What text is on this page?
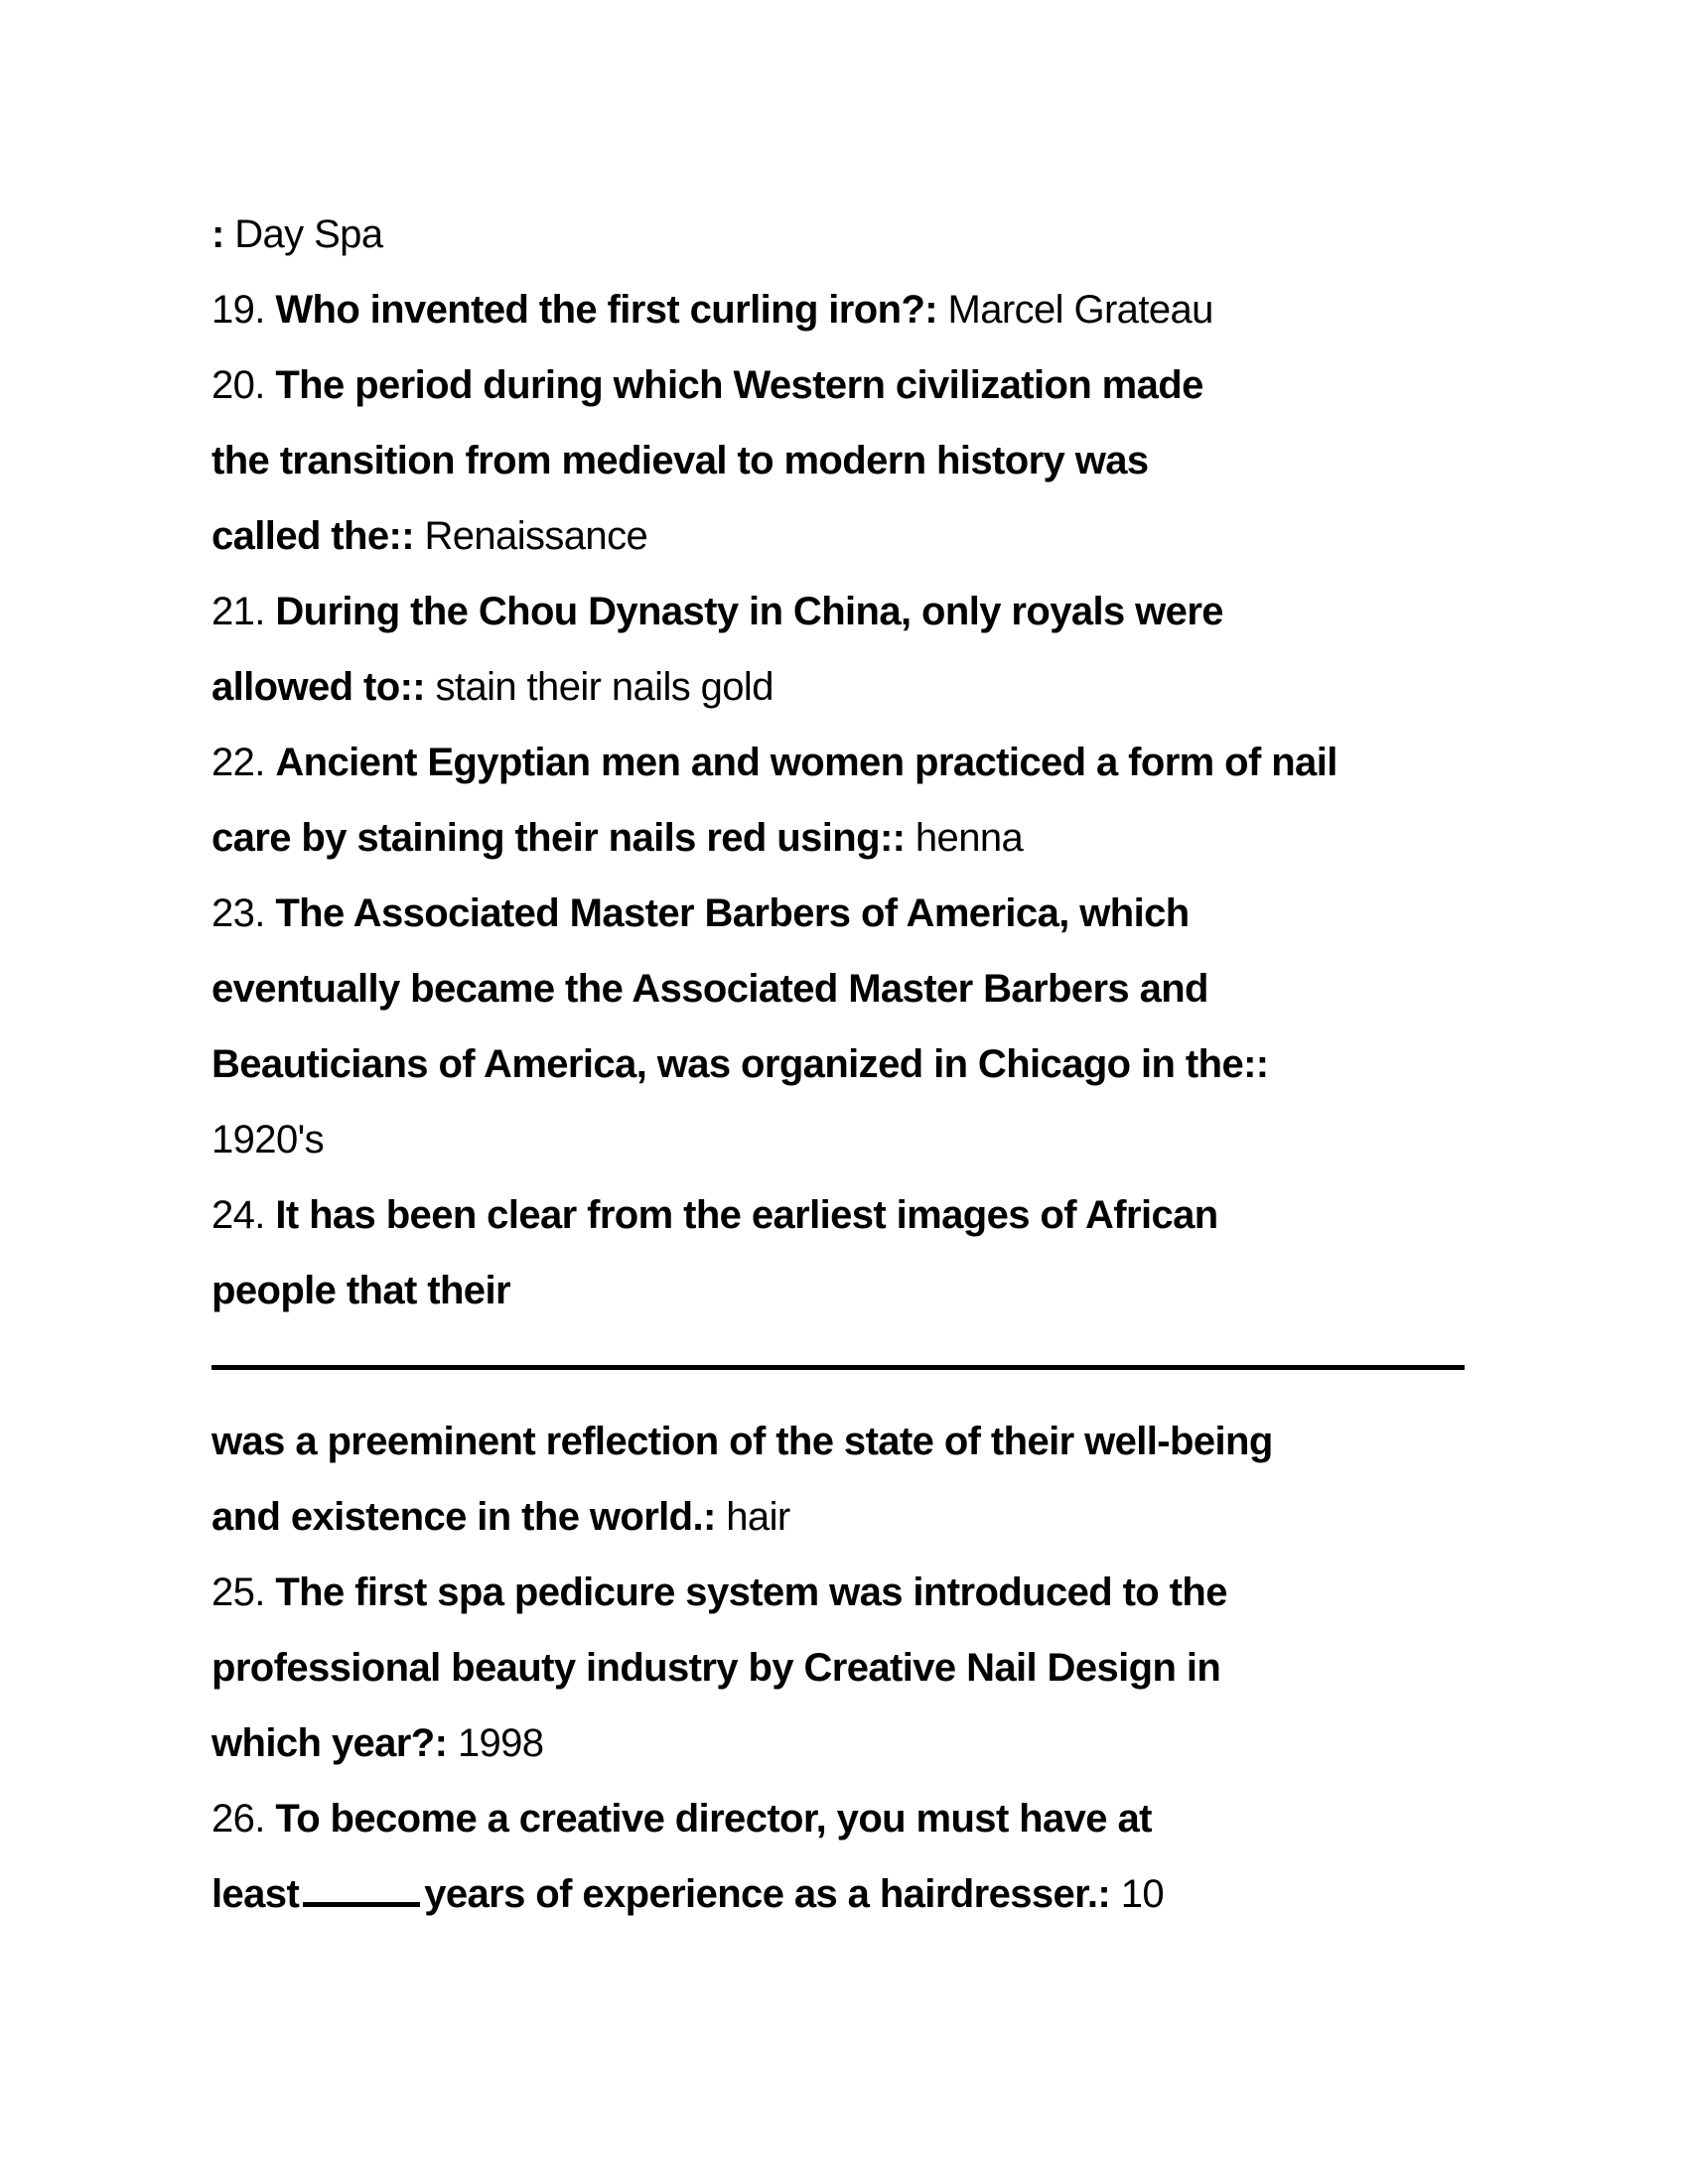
: Day Spa
19. Who invented the first curling iron?: Marcel Grateau
20. The period during which Western civilization made
the transition from medieval to modern history was
called the:: Renaissance
21. During the Chou Dynasty in China, only royals were
allowed to:: stain their nails gold
22. Ancient Egyptian men and women practiced a form of nail
care by staining their nails red using:: henna
23. The Associated Master Barbers of America, which
eventually became the Associated Master Barbers and
Beauticians of America, was organized in Chicago in the::
1920's
24. It has been clear from the earliest images of African
people that their
was a preeminent reflection of the state of their well-being
and existence in the world.: hair
25. The first spa pedicure system was introduced to the
professional beauty industry by Creative Nail Design in
which year?: 1998
26. To become a creative director, you must have at
least	years of experience as a hairdresser.: 10
